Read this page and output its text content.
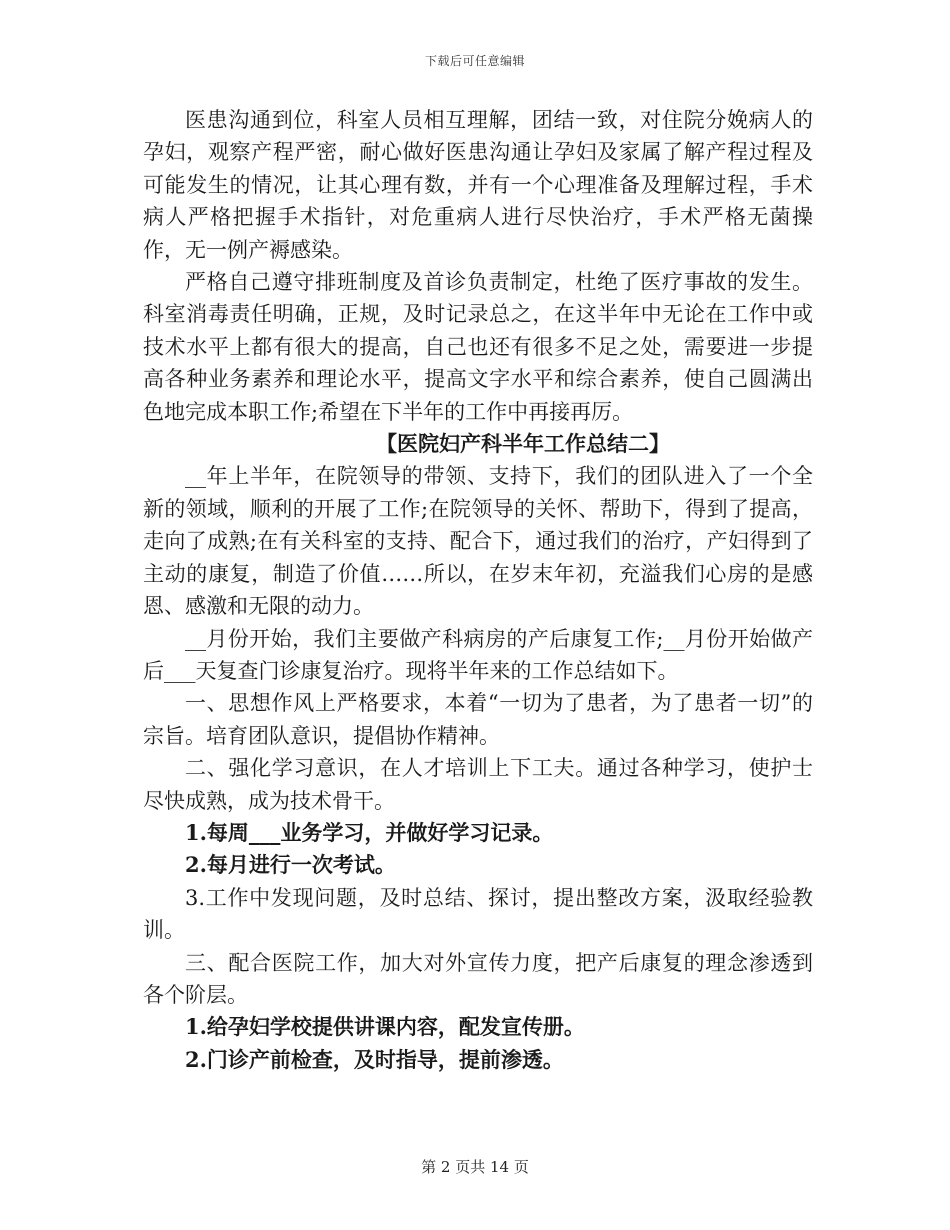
下载后可任意编辑

医患沟通到位，科室人员相互理解，团结一致，对住院分娩病人的孕妇，观察产程严密，耐心做好医患沟通让孕妇及家属了解产程过程及可能发生的情况，让其心理有数，并有一个心理准备及理解过程，手术病人严格把握手术指针，对危重病人进行尽快治疗，手术严格无菌操作，无一例产褥感染。

严格自己遵守排班制度及首诊负责制定，杜绝了医疗事故的发生。科室消毒责任明确，正规，及时记录总之，在这半年中无论在工作中或技术水平上都有很大的提高，自己也还有很多不足之处，需要进一步提高各种业务素养和理论水平，提高文字水平和综合素养，使自己圆满出色地完成本职工作;希望在下半年的工作中再接再厉。

【医院妇产科半年工作总结二】

__年上半年，在院领导的带领、支持下，我们的团队进入了一个全新的领域，顺利的开展了工作;在院领导的关怀、帮助下，得到了提高，走向了成熟;在有关科室的支持、配合下，通过我们的治疗，产妇得到了主动的康复，制造了价值……所以，在岁末年初，充溢我们心房的是感恩、感激和无限的动力。

__月份开始，我们主要做产科病房的产后康复工作;__月份开始做产后___天复查门诊康复治疗。现将半年来的工作总结如下。

一、思想作风上严格要求，本着“一切为了患者，为了患者一切”的宗旨。培育团队意识，提倡协作精神。

二、强化学习意识，在人才培训上下工夫。通过各种学习，使护士尽快成熟，成为技术骨干。

1.每周___业务学习，并做好学习记录。

2.每月进行一次考试。

3.工作中发现问题，及时总结、探讨，提出整改方案，汲取经验教训。

三、配合医院工作，加大对外宣传力度，把产后康复的理念渗透到各个阶层。

1.给孕妇学校提供讲课内容，配发宣传册。

2.门诊产前检查，及时指导，提前渗透。

第 2 页共 14 页
